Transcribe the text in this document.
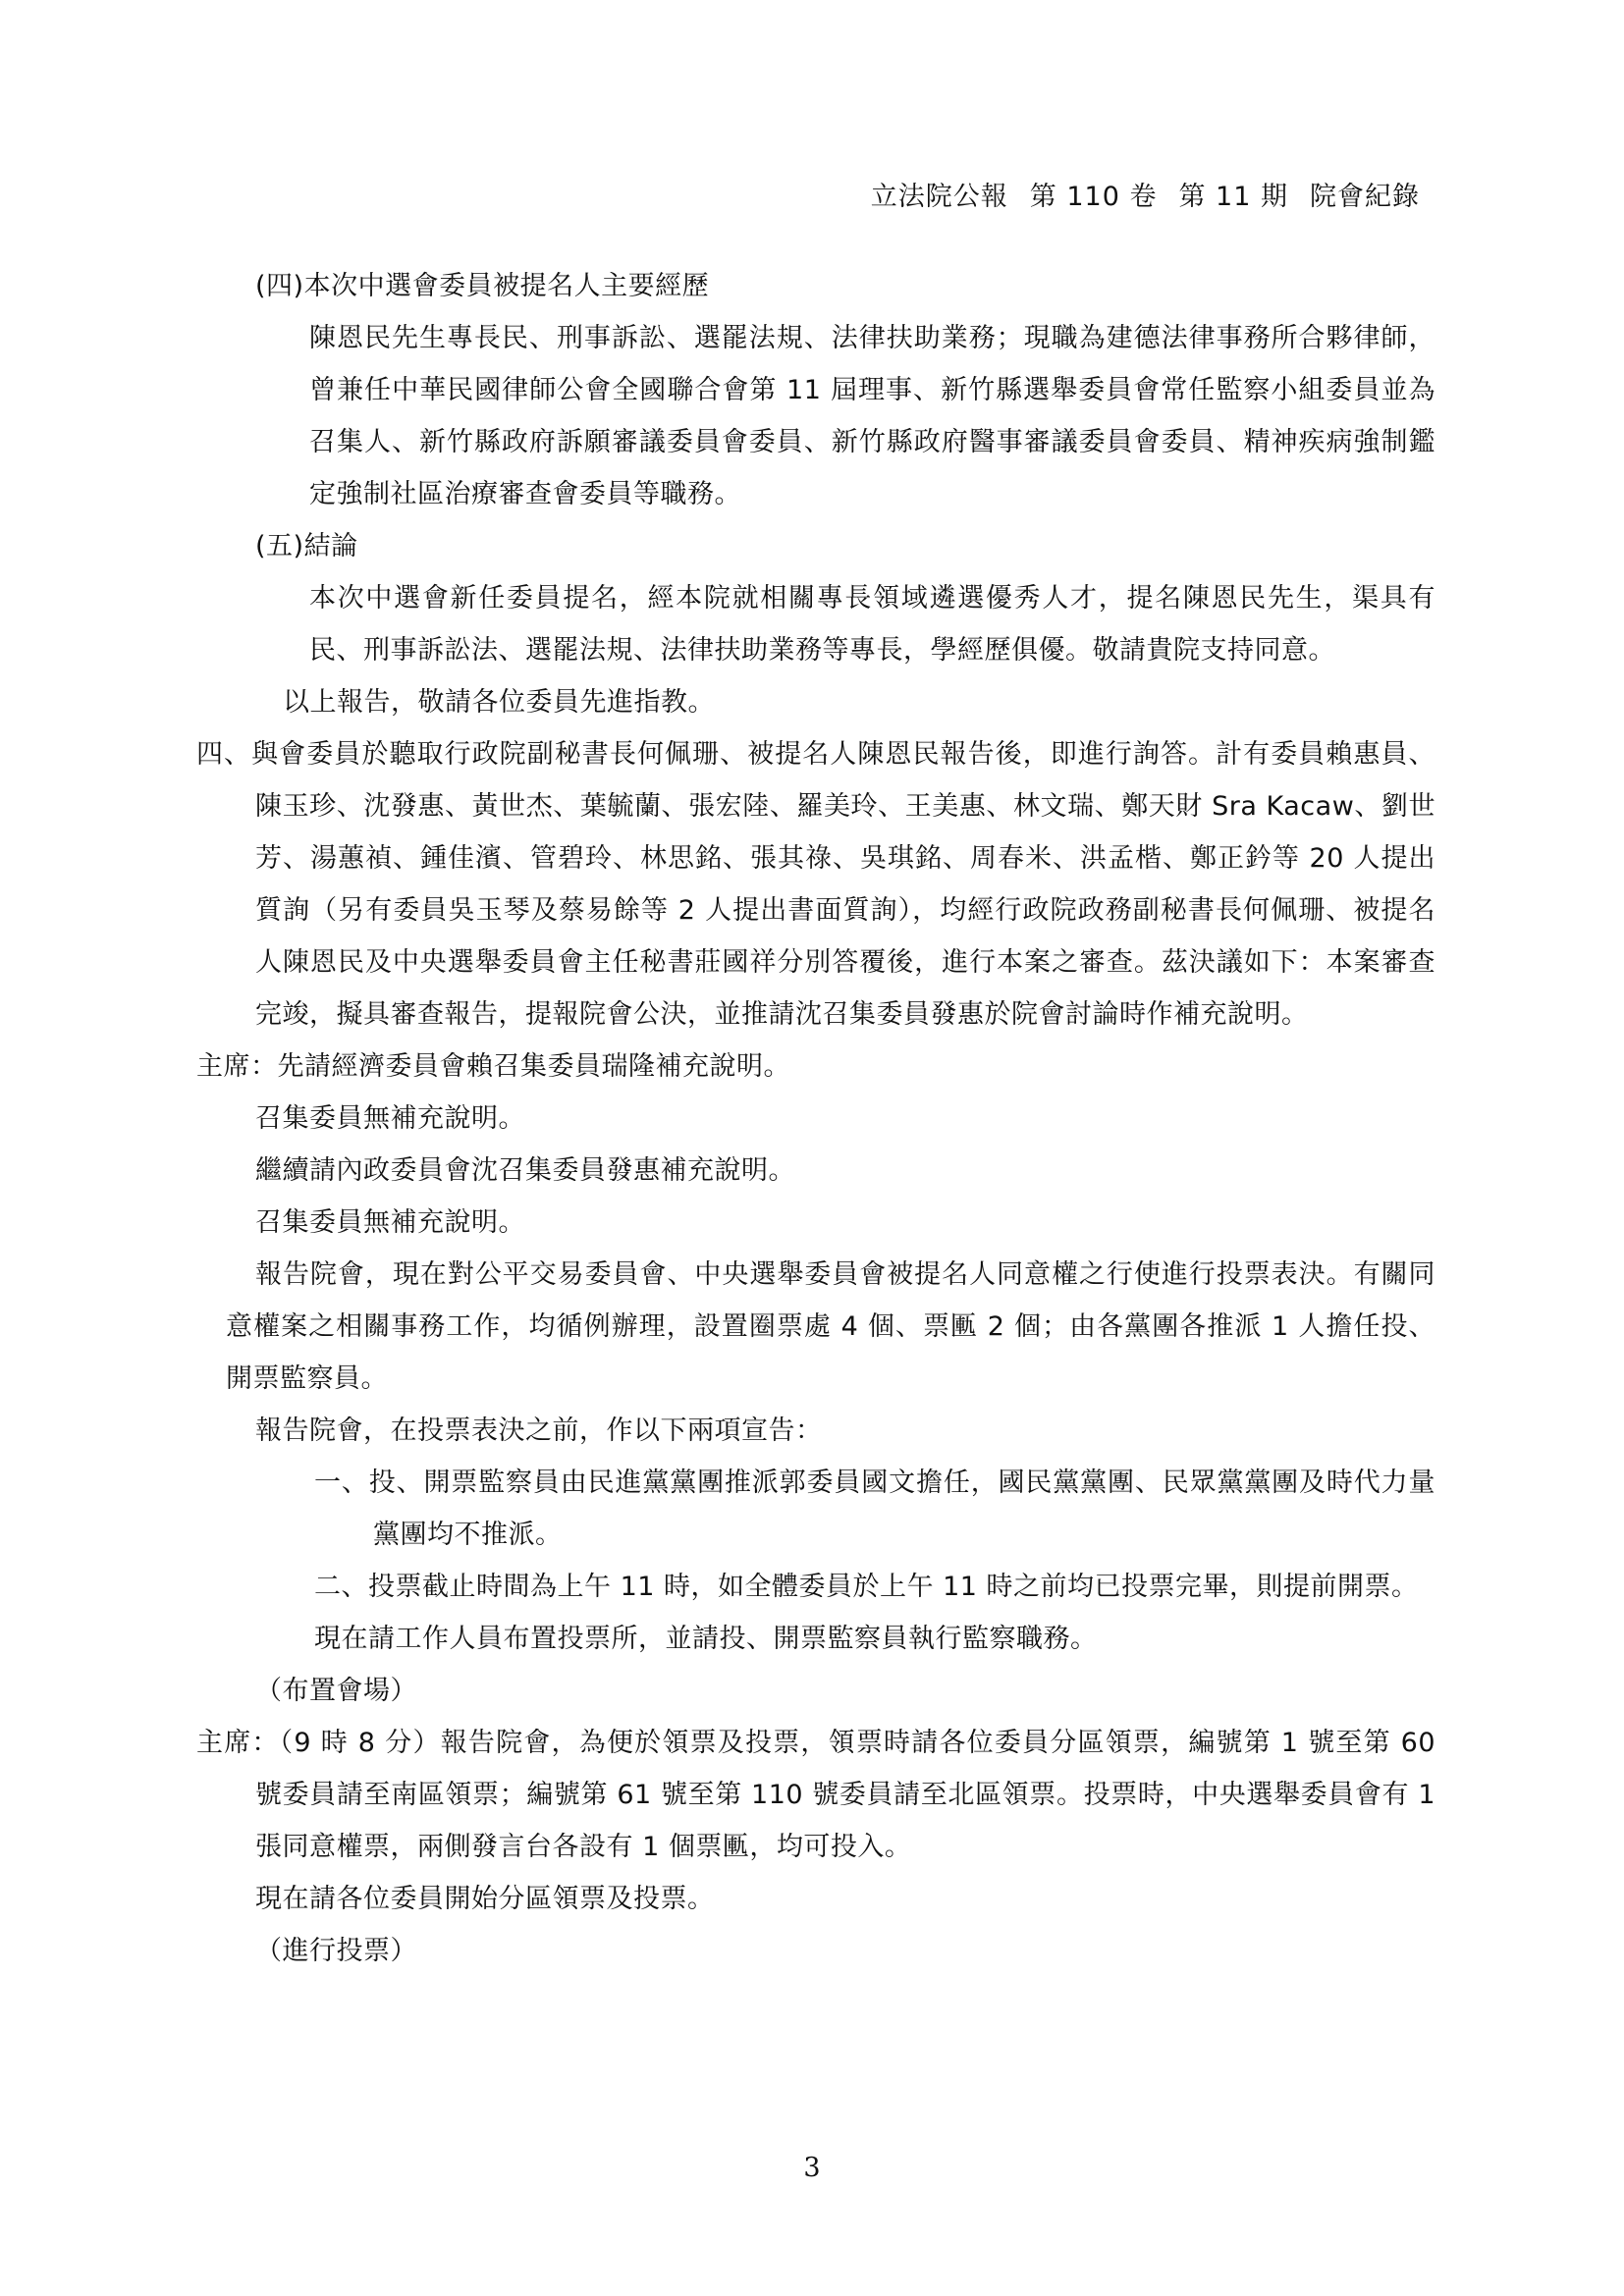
立法院公報 第 110 卷 第 11 期 院會紀錄

(四)本次中選會委員被提名人主要經歷

陳恩民先生專長民、刑事訴訟、選罷法規、法律扶助業務；現職為建德法律事務所合夥律師，曾兼任中華民國律師公會全國聯合會第 11 屆理事、新竹縣選舉委員會常任監察小組委員並為召集人、新竹縣政府訴願審議委員會委員、新竹縣政府醫事審議委員會委員、精神疾病強制鑑定強制社區治療審查會委員等職務。

(五)結論

本次中選會新任委員提名，經本院就相關專長領域遴選優秀人才，提名陳恩民先生，渠具有民、刑事訴訟法、選罷法規、法律扶助業務等專長，學經歷俱優。敬請貴院支持同意。

以上報告，敬請各位委員先進指教。

四、與會委員於聽取行政院副秘書長何佩珊、被提名人陳恩民報告後，即進行詢答。計有委員賴惠員、陳玉珍、沈發惠、黃世杰、葉毓蘭、張宏陸、羅美玲、王美惠、林文瑞、鄭天財 Sra Kacaw、劉世芳、湯蕙禎、鍾佳濱、管碧玲、林思銘、張其祿、吳琪銘、周春米、洪孟楷、鄭正鈐等 20 人提出質詢（另有委員吳玉琴及蔡易餘等 2 人提出書面質詢），均經行政院政務副秘書長何佩珊、被提名人陳恩民及中央選舉委員會主任秘書莊國祥分別答覆後，進行本案之審查。茲決議如下：本案審查完竣，擬具審查報告，提報院會公決，並推請沈召集委員發惠於院會討論時作補充說明。

主席：先請經濟委員會賴召集委員瑞隆補充說明。

召集委員無補充說明。

繼續請內政委員會沈召集委員發惠補充說明。

召集委員無補充說明。

報告院會，現在對公平交易委員會、中央選舉委員會被提名人同意權之行使進行投票表決。有關同意權案之相關事務工作，均循例辦理，設置圈票處 4 個、票匭 2 個；由各黨團各推派 1 人擔任投、開票監察員。

報告院會，在投票表決之前，作以下兩項宣告：

一、投、開票監察員由民進黨黨團推派郭委員國文擔任，國民黨黨團、民眾黨黨團及時代力量黨團均不推派。

二、投票截止時間為上午 11 時，如全體委員於上午 11 時之前均已投票完畢，則提前開票。

現在請工作人員布置投票所，並請投、開票監察員執行監察職務。

（布置會場）

主席：（9 時 8 分）報告院會，為便於領票及投票，領票時請各位委員分區領票，編號第 1 號至第 60 號委員請至南區領票；編號第 61 號至第 110 號委員請至北區領票。投票時，中央選舉委員會有 1 張同意權票，兩側發言台各設有 1 個票匭，均可投入。

現在請各位委員開始分區領票及投票。

（進行投票）

3
